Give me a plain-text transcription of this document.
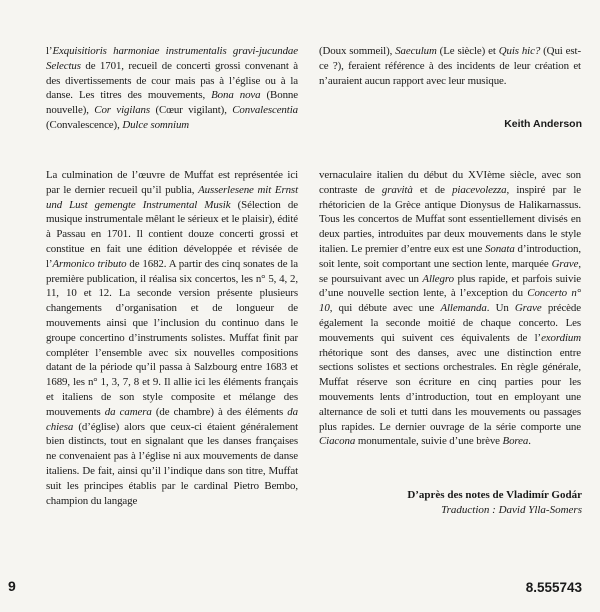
l’Exquisitioris harmoniae instrumentalis gravi-jucundae Selectus de 1701, recueil de concerti grossi convenant à des divertissements de cour mais pas à l’église ou à la danse. Les titres des mouvements, Bona nova (Bonne nouvelle), Cor vigilans (Cœur vigilant), Convalescentia (Convalescence), Dulce somnium

(Doux sommeil), Saeculum (Le siècle) et Quis hic? (Qui est-ce ?), feraient référence à des incidents de leur création et n’auraient aucun rapport avec leur musique.

Keith Anderson

La culmination de l’œuvre de Muffat est représentée ici par le dernier recueil qu’il publia, Ausserlesene mit Ernst und Lust gemengte Instrumental Musik (Sélection de musique instrumentale mêlant le sérieux et le plaisir), édité à Passau en 1701. Il contient douze concerti grossi et constitue en fait une édition développée et révisée de l’Armonico tributo de 1682. A partir des cinq sonates de la première publication, il réalisa six concertos, les n° 5, 4, 2, 11, 10 et 12. La seconde version présente plusieurs changements d’organisation et de longueur de mouvements ainsi que l’inclusion du continuo dans le groupe concertino d’instruments solistes. Muffat finit par compléter l’ensemble avec six nouvelles compositions datant de la période qu’il passa à Salzbourg entre 1683 et 1689, les n° 1, 3, 7, 8 et 9. Il allie ici les éléments français et italiens de son style composite et mélange des mouvements da camera (de chambre) à des éléments da chiesa (d’église) alors que ceux-ci étaient généralement bien distincts, tout en signalant que les danses françaises ne convenaient pas à l’église ni aux mouvements de danse italiens. De fait, ainsi qu’il l’indique dans son titre, Muffat suit les principes établis par le cardinal Pietro Bembo, champion du langage

vernaculaire italien du début du XVIème siècle, avec son contraste de gravità et de piacevolezza, inspiré par le rhétoricien de la Grèce antique Dionysus de Halikarnassus. Tous les concertos de Muffat sont essentiellement divisés en deux parties, introduites par deux mouvements dans le style italien. Le premier d’entre eux est une Sonata d’introduction, soit lente, soit comportant une section lente, marquée Grave, se poursuivant avec un Allegro plus rapide, et parfois suivie d’une nouvelle section lente, à l’exception du Concerto n° 10, qui débute avec une Allemanda. Un Grave précède également la seconde moitié de chaque concerto. Les mouvements qui suivent ces équivalents de l’exordium rhétorique sont des danses, avec une distinction entre sections solistes et sections orchestrales. En règle générale, Muffat réserve son écriture en cinq parties pour les mouvements lents d’introduction, tout en employant une alternance de soli et tutti dans les mouvements ou passages plus rapides. Le dernier ouvrage de la série comporte une Ciacona monumentale, suivie d’une brève Borea.

D’après des notes de Vladimír Godár
Traduction : David Ylla-Somers
9	8.555743
